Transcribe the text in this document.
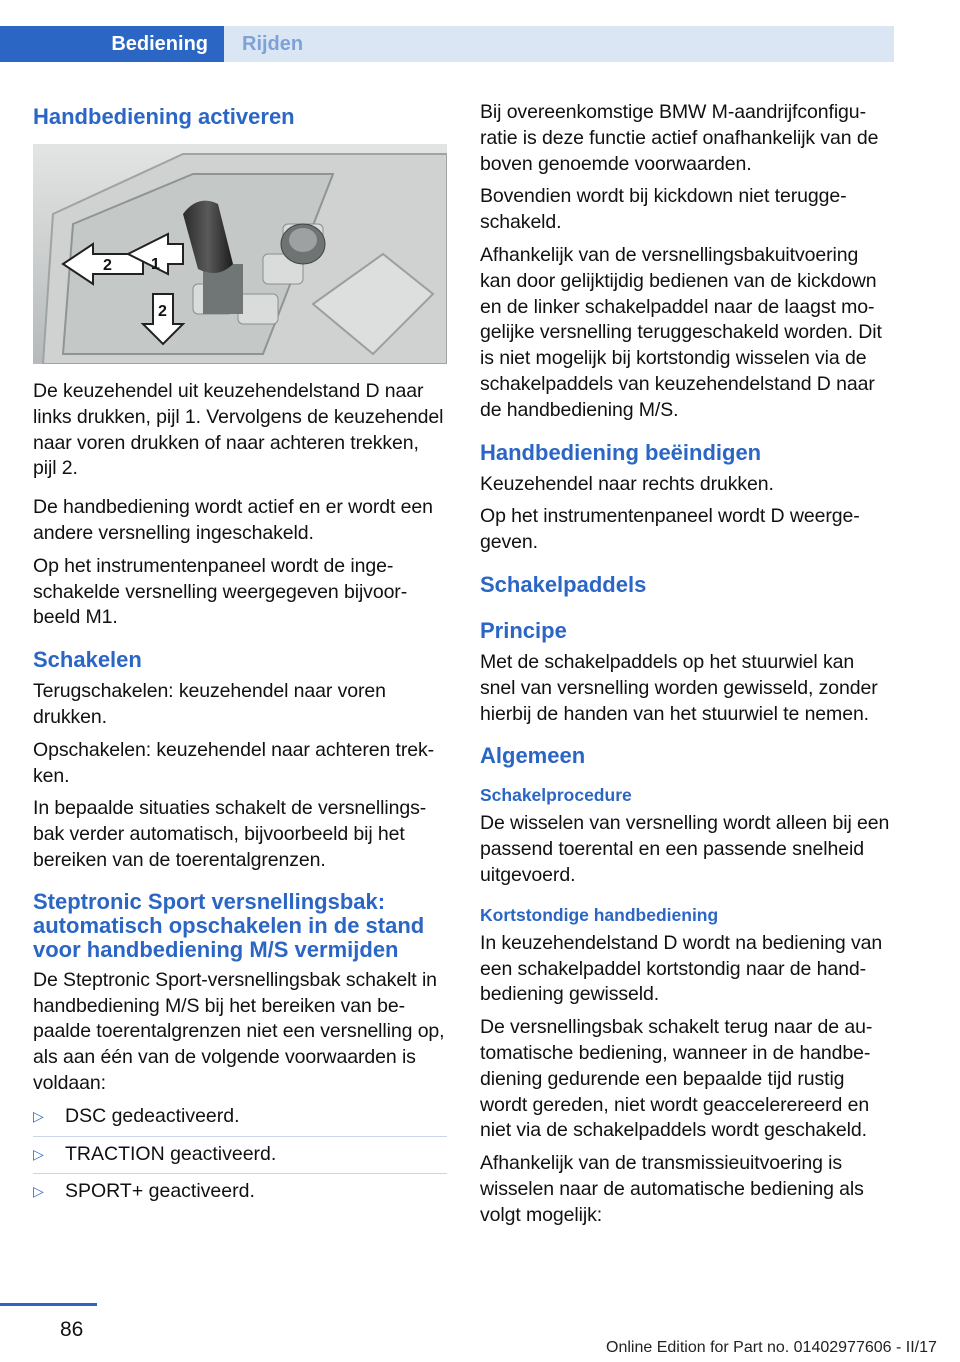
Bediening	Rijden
Handbediening activeren
1
2
2

De keuzehendel uit keuzehendelstand D naar links drukken, pijl 1. Vervolgens de keuzehendel naar voren drukken of naar achteren trekken, pijl 2.

De handbediening wordt actief en er wordt een andere versnelling ingeschakeld.

Op het instrumentenpaneel wordt de ingeschakelde versnelling weergegeven bijvoorbeeld M1.

Schakelen

Terugschakelen: keuzehendel naar voren drukken.

Opschakelen: keuzehendel naar achteren trekken.

In bepaalde situaties schakelt de versnellingsbak verder automatisch, bijvoorbeeld bij het bereiken van de toerentalgrenzen.

Steptronic Sport versnellingsbak: automatisch opschakelen in de stand voor handbediening M/S vermijden

De Steptronic Sport-versnellingsbak schakelt in handbediening M/S bij het bereiken van bepaalde toerentalgrenzen niet een versnelling op, als aan één van de volgende voorwaarden is voldaan:

▷ DSC gedeactiveerd.
▷ TRACTION geactiveerd.
▷ SPORT+ geactiveerd.

Bij overeenkomstige BMW M-aandrijfconfiguratie is deze functie actief onafhankelijk van de boven genoemde voorwaarden.

Bovendien wordt bij kickdown niet teruggeschakeld.

Afhankelijk van de versnellingsbakuitvoering kan door gelijktijdig bedienen van de kickdown en de linker schakelpaddel naar de laagst mogelijke versnelling teruggeschakeld worden. Dit is niet mogelijk bij kortstondig wisselen via de schakelpaddels van keuzehendelstand D naar de handbediening M/S.

Handbediening beëindigen

Keuzehendel naar rechts drukken.

Op het instrumentenpaneel wordt D weergegeven.

Schakelpaddels
Principe

Met de schakelpaddels op het stuurwiel kan snel van versnelling worden gewisseld, zonder hierbij de handen van het stuurwiel te nemen.

Algemeen
Schakelprocedure

De wisselen van versnelling wordt alleen bij een passend toerental en een passende snelheid uitgevoerd.

Kortstondige handbediening

In keuzehendelstand D wordt na bediening van een schakelpaddel kortstondig naar de handbediening gewisseld.

De versnellingsbak schakelt terug naar de automatische bediening, wanneer in de handbediening gedurende een bepaalde tijd rustig wordt gereden, niet wordt geaccelerereerd en niet via de schakelpaddels wordt geschakeld.

Afhankelijk van de transmissieuitvoering is wisselen naar de automatische bediening als volgt mogelijk:

86
Online Edition for Part no. 01402977606 - II/17
